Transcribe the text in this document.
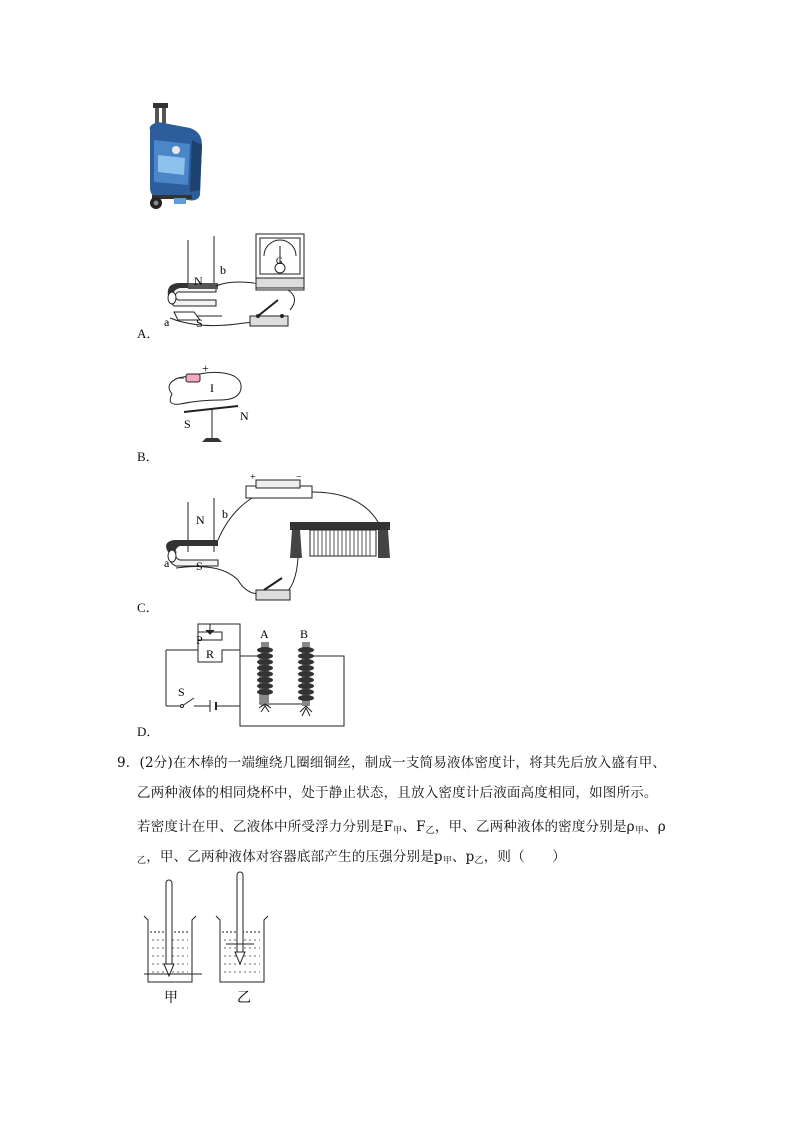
N
S
a
b
G
A．
−
+
I
S
N
B．
N
S
a
b
+	−
C．
P
R
S
A	B
D．
9．(2分)在木棒的一端缠绕几圈细铜丝，制成一支简易液体密度计，将其先后放入盛有甲、
乙两种液体的相同烧杯中，处于静止状态，且放入密度计后液面高度相同，如图所示。
若密度计在甲、乙液体中所受浮力分别是$F_甲$、$F_乙$，甲、乙两种液体的密度分别是$\rho_甲$、ρ
$_乙$，甲、乙两种液体对容器底部产生的压强分别是$p_甲$、$p_乙$，则（　　）
甲	乙
